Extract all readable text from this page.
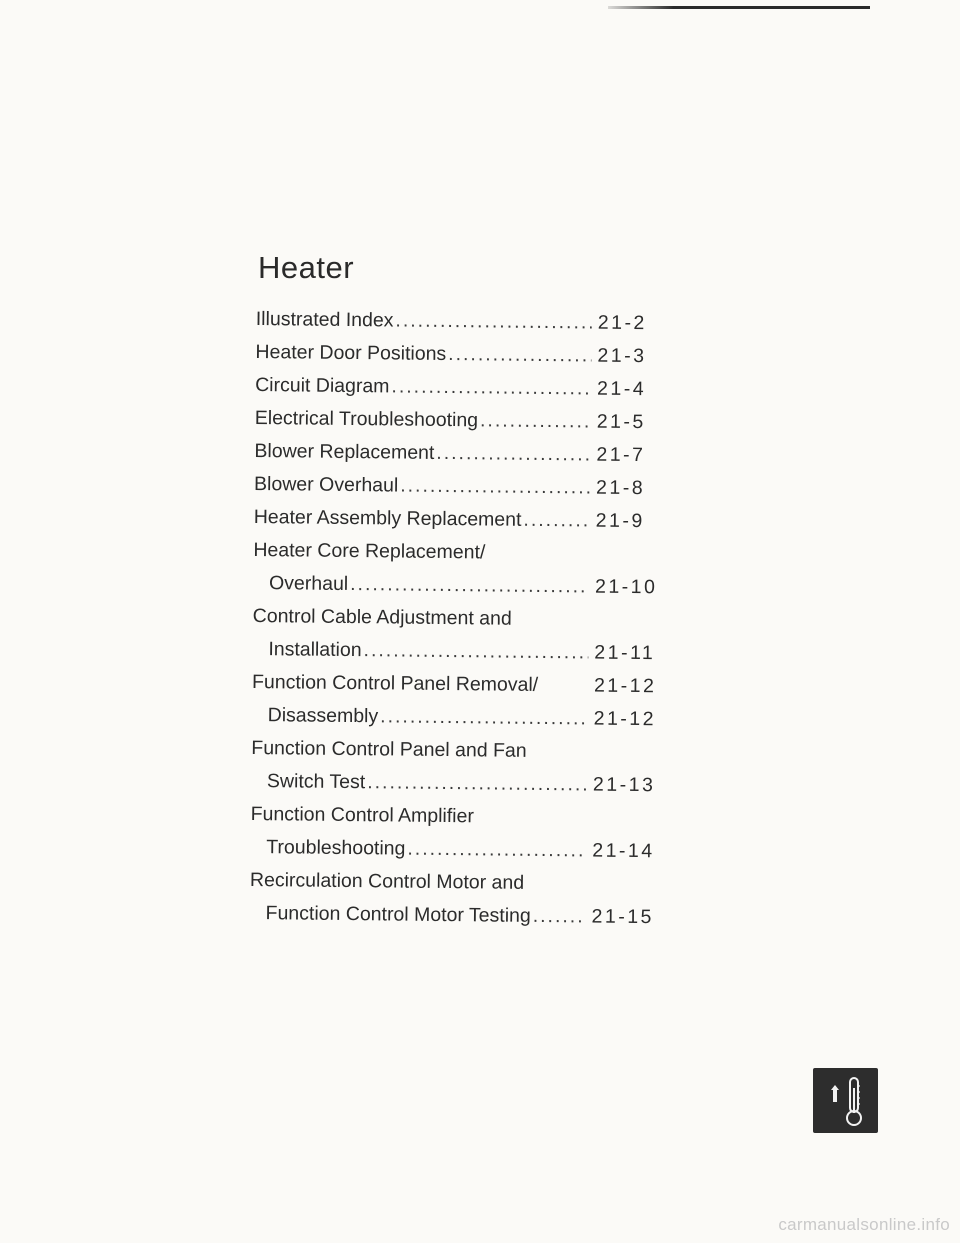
Heater
Illustrated Index .....	21-2
Heater Door Positions .....	21-3
Circuit Diagram .....	21-4
Electrical Troubleshooting .....	21-5
Blower Replacement .....	21-7
Blower Overhaul .....	21-8
Heater Assembly Replacement .....	21-9
Heater Core Replacement/
Overhaul .....	21-10
Control Cable Adjustment and
Installation .....	21-11
Function Control Panel Removal/	21-12
Disassembly .....	21-12
Function Control Panel and Fan
Switch Test .....	21-13
Function Control Amplifier
Troubleshooting .....	21-14
Recirculation Control Motor and
Function Control Motor Testing .....	21-15
carmanualsonline.info
